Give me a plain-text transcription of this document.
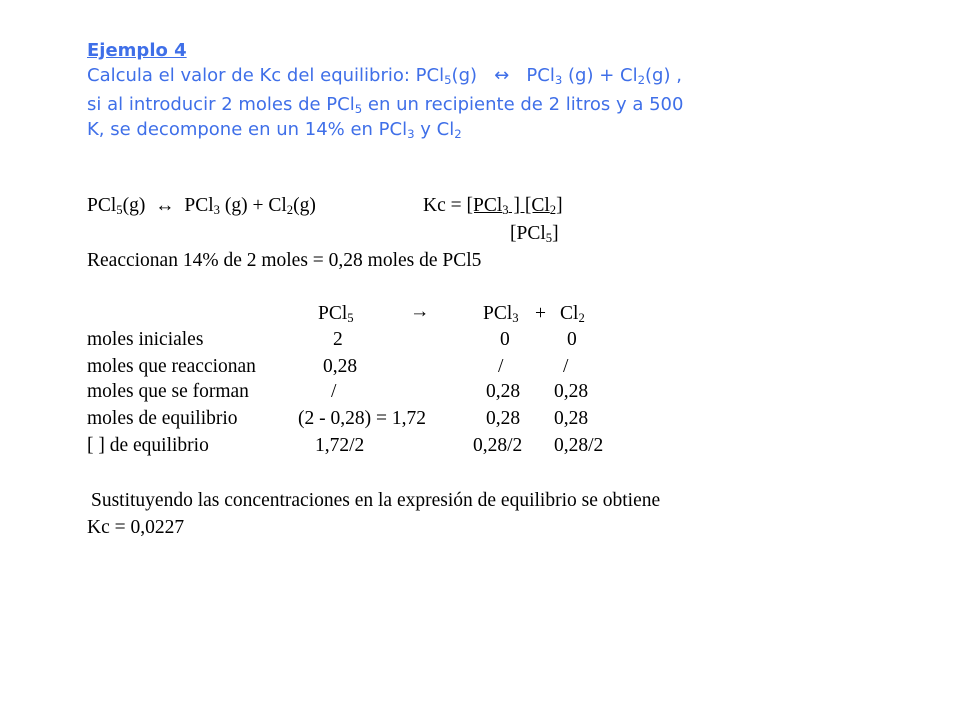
Ejemplo 4
Calcula el valor de Kc del equilibrio: PCl$_5$(g)   ↔   PCl$_3$ $(g) + Cl_2(g)$ ,
si al introducir 2 moles de PCl$_5$ en un recipiente de 2 litros y a 500
K, se decompone en un 14% en PCl$_3$ y $Cl_2$
PCl$_5$(g)  ↔  PCl$_3$ $(g) + Cl_2(g)$	Kc = [PCl$_3$ ] $[Cl_2]$
[PCl$_5$]
Reaccionan 14% de 2 moles = 0,28 moles de PCl5
PCl$_5$	→	$PCl_3 + Cl_2$
moles iniciales	2	0	0
moles que reaccionan	0,28	/	/
moles que se forman	/	0,28 0,28
moles de equilibrio	(2 - 0,28) = 1,72	0,28 0,28
[ ] de equilibrio	1,72/2	0,28/2 0,28/2
Sustituyendo las concentraciones en la expresión de equilibrio se obtiene
Kc = 0,0227
